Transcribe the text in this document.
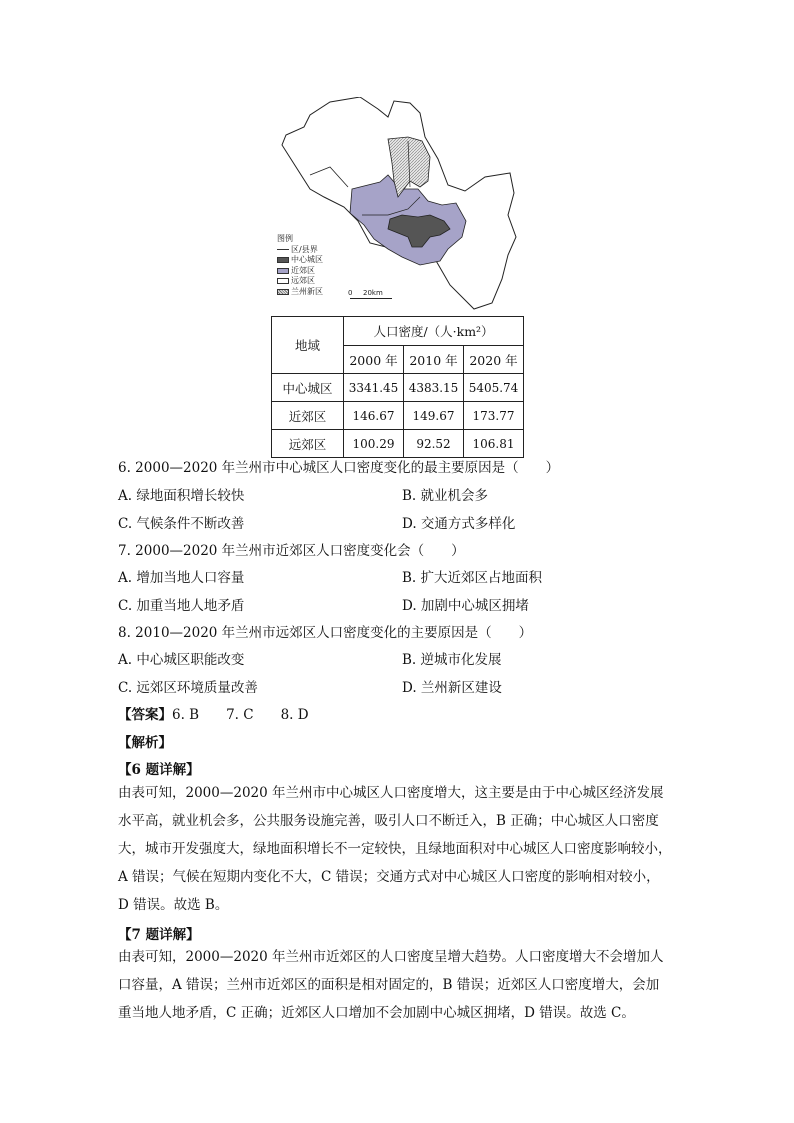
图例
区/县界
中心城区
近郊区
远郊区
兰州新区	0 20km
地域	人口密度/（人·km²）		
	2000 年	2010 年	2020 年
中心城区	3341.45	4383.15	5405.74
近郊区	146.67	149.67	173.77
远郊区	100.29	92.52	106.81
6. 2000—2020 年兰州市中心城区人口密度变化的最主要原因是（　　）
A. 绿地面积增长较快	B. 就业机会多
C. 气候条件不断改善	D. 交通方式多样化
7. 2000—2020 年兰州市近郊区人口密度变化会（　　）
A. 增加当地人口容量	B. 扩大近郊区占地面积
C. 加重当地人地矛盾	D. 加剧中心城区拥堵
8. 2010—2020 年兰州市远郊区人口密度变化的主要原因是（　　）
A. 中心城区职能改变	B. 逆城市化发展
C. 远郊区环境质量改善	D. 兰州新区建设
【答案】6. B　　7. C　　8. D
【解析】
【6 题详解】
由表可知，2000—2020 年兰州市中心城区人口密度增大，这主要是由于中心城区经济发展
水平高，就业机会多，公共服务设施完善，吸引人口不断迁入，B 正确；中心城区人口密度
大，城市开发强度大，绿地面积增长不一定较快，且绿地面积对中心城区人口密度影响较小，
A 错误；气候在短期内变化不大，C 错误；交通方式对中心城区人口密度的影响相对较小，
D 错误。故选 B。
【7 题详解】
由表可知，2000—2020 年兰州市近郊区的人口密度呈增大趋势。人口密度增大不会增加人
口容量，A 错误；兰州市近郊区的面积是相对固定的，B 错误；近郊区人口密度增大，会加
重当地人地矛盾，C 正确；近郊区人口增加不会加剧中心城区拥堵，D 错误。故选 C。
